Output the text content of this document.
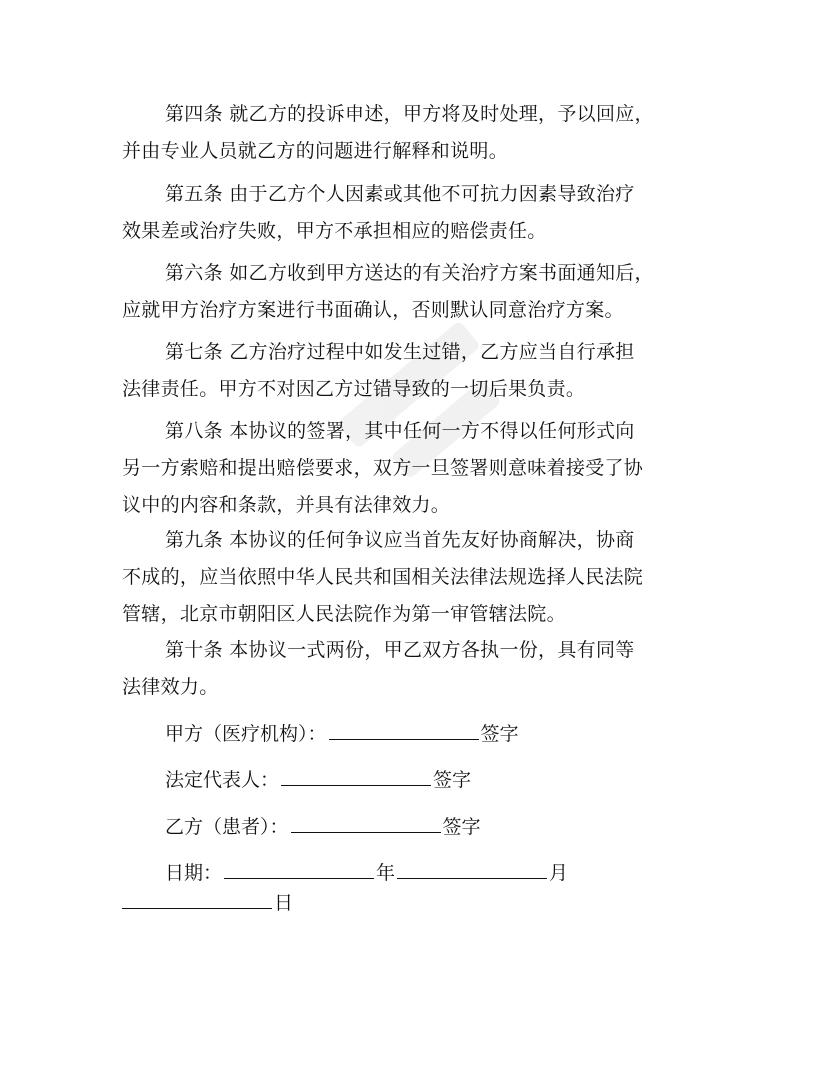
第四条 就乙方的投诉申述，甲方将及时处理，予以回应，
并由专业人员就乙方的问题进行解释和说明。

第五条 由于乙方个人因素或其他不可抗力因素导致治疗
效果差或治疗失败，甲方不承担相应的赔偿责任。

第六条 如乙方收到甲方送达的有关治疗方案书面通知后，
应就甲方治疗方案进行书面确认，否则默认同意治疗方案。

第七条 乙方治疗过程中如发生过错，乙方应当自行承担
法律责任。甲方不对因乙方过错导致的一切后果负责。

第八条 本协议的签署，其中任何一方不得以任何形式向
另一方索赔和提出赔偿要求，双方一旦签署则意味着接受了协
议中的内容和条款，并具有法律效力。

第九条 本协议的任何争议应当首先友好协商解决，协商
不成的，应当依照中华人民共和国相关法律法规选择人民法院
管辖，北京市朝阳区人民法院作为第一审管辖法院。

第十条 本协议一式两份，甲乙双方各执一份，具有同等
法律效力。

甲方（医疗机构）：	签字
法定代表人：	签字
乙方（患者）：	签字
日期：	年	月
日
